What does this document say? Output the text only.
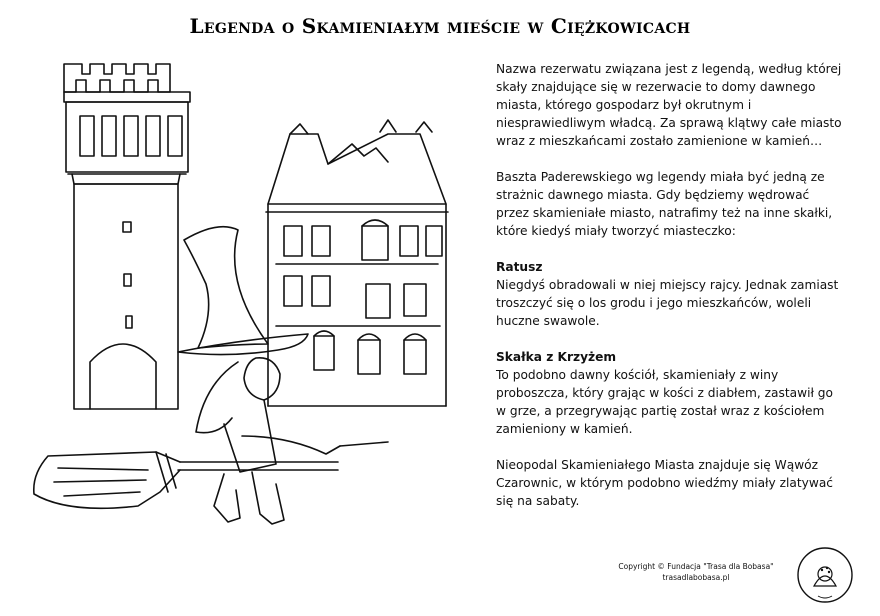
Legenda o Skamieniałym mieście w Ciężkowicach

Nazwa rezerwatu związana jest z legendą, według której skały znajdujące się w rezerwacie to domy dawnego miasta, którego gospodarz był okrutnym i niesprawiedliwym władcą. Za sprawą klątwy całe miasto wraz z mieszkańcami zostało zamienione w kamień…

Baszta Paderewskiego wg legendy miała być jedną ze strażnic dawnego miasta. Gdy będziemy wędrować przez skamieniałe miasto, natrafimy też na inne skałki, które kiedyś miały tworzyć miasteczko:

Ratusz

Niegdyś obradowali w niej miejscy rajcy. Jednak zamiast troszczyć się o los grodu i jego mieszkańców, woleli huczne swawole.

Skałka z Krzyżem

To podobno dawny kościół, skamieniały z winy proboszcza, który grając w kości z diabłem, zastawił go w grze, a przegrywając partię został wraz z kościołem zamieniony w kamień.

Nieopodal Skamieniałego Miasta znajduje się Wąwóz Czarownic, w którym podobno wiedźmy miały zlatywać się na sabaty.

Copyright © Fundacja "Trasa dla Bobasa"
trasadlabobasa.pl
